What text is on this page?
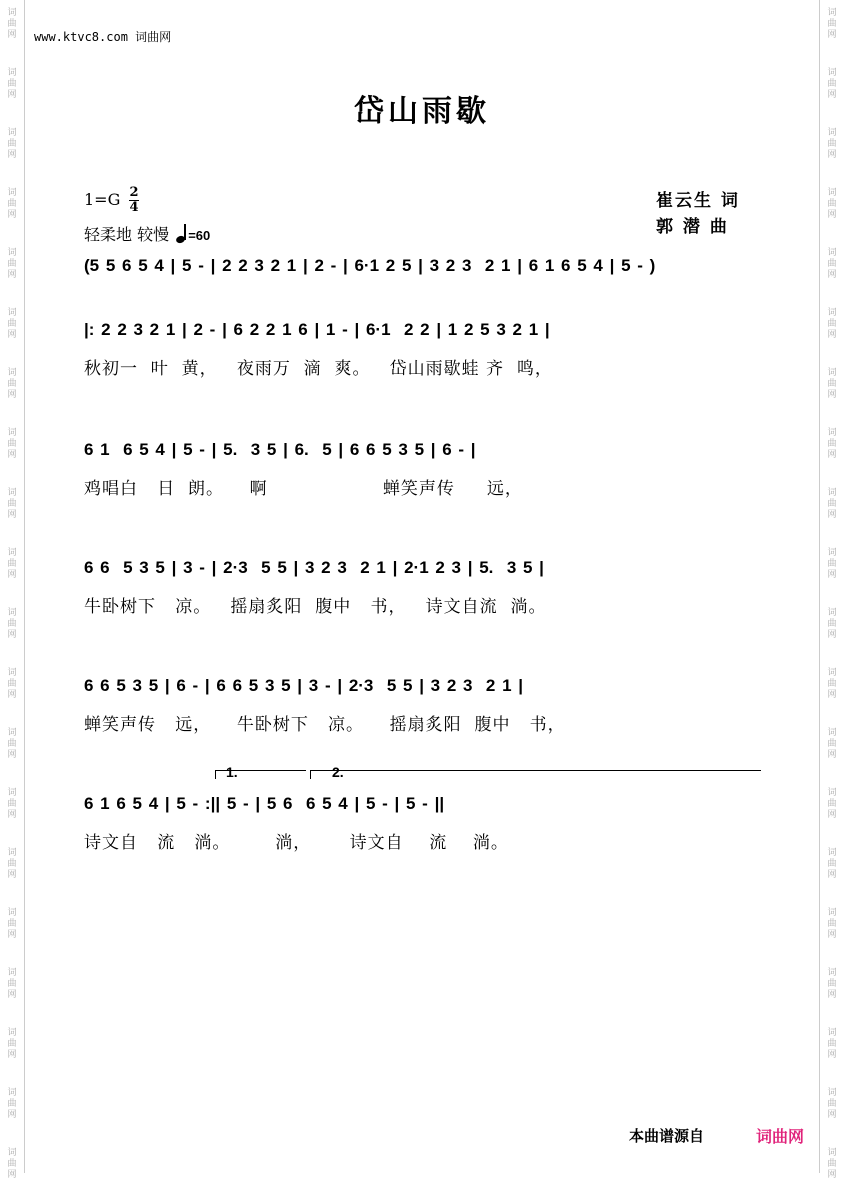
词
曲
网
词
曲
网
词
曲
网
词
曲
网
词
曲
网
词
曲
网
词
曲
网
词
曲
网
词
曲
网
词
曲
网
词
曲
网
词
曲
网
词
曲
网
词
曲
网
词
曲
网
词
曲
网
词
曲
网
词
曲
网
词
曲
网
词
曲
网
词
曲
网
词
曲
网
词
曲
网
词
曲
网
词
曲
网
词
曲
网
词
曲
网
词
曲
网
词
曲
网
词
曲
网
词
曲
网
词
曲
网
词
曲
网
词
曲
网
词
曲
网
词
曲
网
词
曲
网
词
曲
网
词
曲
网
词
曲
网
www.ktvc8.com 词曲网
岱山雨歇
$1=G \frac{2}{4}$
轻柔地 较慢 =60
崔云生 词
郭 潜 曲
(5 5 6 5 4 | 5 - | 2 2 3 2 1 | 2 - | 6·1 2 5 | 3 2 3  2 1 | 6 1 6 5 4 | 5 - )
|: 2 2 3 2 1 | 2 - | 6 2 2 1 6 | 1 - | 6·1  2 2 | 1 2 5 3 2 1 |
秋初一  叶  黄，   夜雨万  滴  爽。   岱山雨歇蛙 齐  鸣，
6 1  6 5 4 | 5 - | 5.  3 5 | 6.  5 | 6 6 5 3 5 | 6 - |
鸡唱白   日  朗。    啊                  蝉笑声传     远，
6 6  5 3 5 | 3 - | 2·3  5 5 | 3 2 3  2 1 | 2·1 2 3 | 5.  3 5 |
牛卧树下   凉。   摇扇炙阳  腹中   书，   诗文自流  淌。
6 6 5 3 5 | 6 - | 6 6 5 3 5 | 3 - | 2·3  5 5 | 3 2 3  2 1 |
蝉笑声传   远，    牛卧树下   凉。    摇扇炙阳  腹中   书，
6 1 6 5 4 | 5 - :|| 5 - | 5 6  6 5 4 | 5 - | 5 - ||
诗文自   流   淌。       淌，      诗文自    流    淌。
本曲谱源自	词曲网
1.	2.
